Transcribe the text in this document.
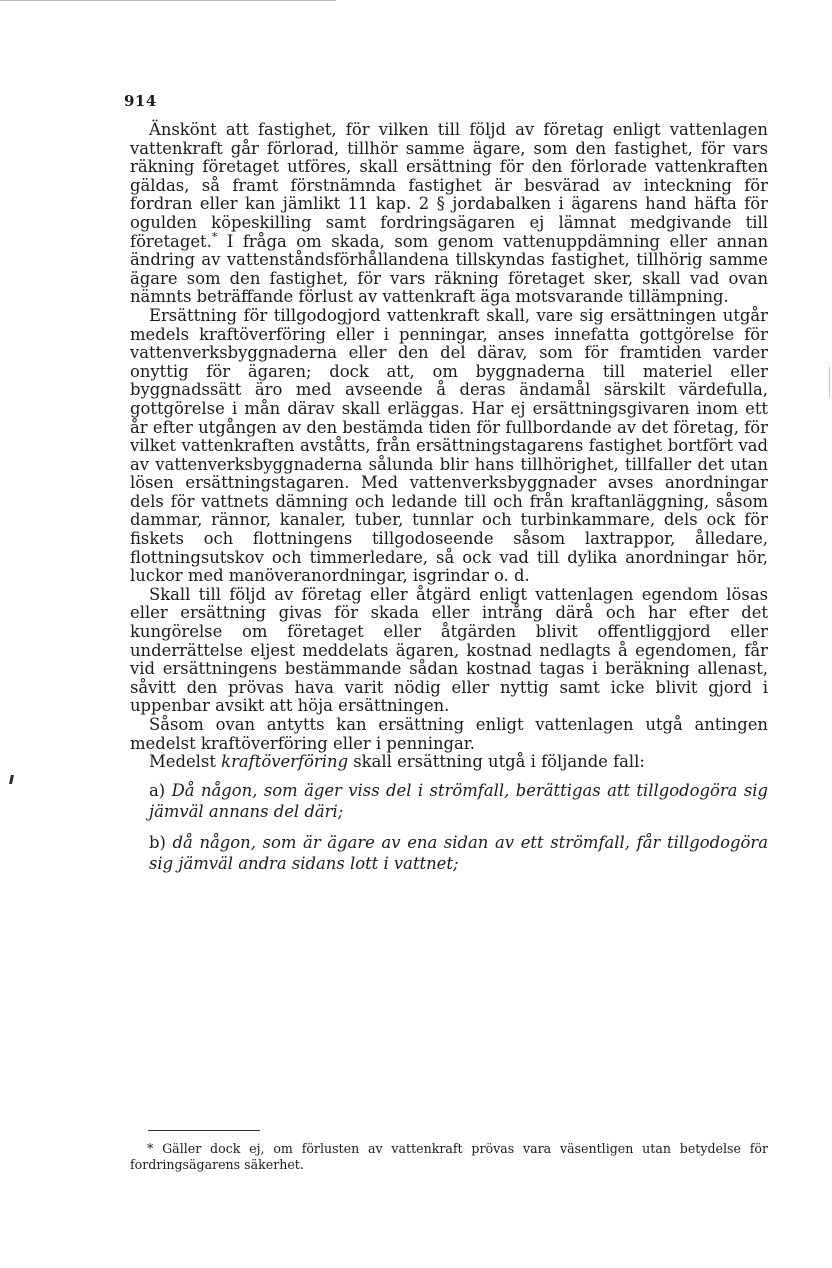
914

Änskönt att fastighet, för vilken till följd av företag enligt vattenlagen vattenkraft går förlorad, tillhör samme ägare, som den fastighet, för vars räkning företaget utföres, skall ersättning för den förlorade vattenkraften gäldas, så framt förstnämnda fastighet är besvärad av inteckning för fordran eller kan jämlikt 11 kap. 2 § jordabalken i ägarens hand häfta för ogulden köpeskilling samt fordringsägaren ej lämnat medgivande till företaget.* I fråga om skada, som genom vattenuppdämning eller annan ändring av vattenståndsförhållandena tillskyndas fastighet, tillhörig samme ägare som den fastighet, för vars räkning företaget sker, skall vad ovan nämnts beträffande förlust av vattenkraft äga motsvarande tillämpning.

Ersättning för tillgodogjord vattenkraft skall, vare sig ersättningen utgår medels kraftöverföring eller i penningar, anses innefatta gottgörelse för vattenverksbyggnaderna eller den del därav, som för framtiden varder onyttig för ägaren; dock att, om byggnaderna till materiel eller byggnadssätt äro med avseende å deras ändamål särskilt värdefulla, gottgörelse i mån därav skall erläggas. Har ej ersättningsgivaren inom ett år efter utgången av den bestämda tiden för fullbordande av det företag, för vilket vattenkraften avståtts, från ersättningstagarens fastighet bortfört vad av vattenverksbyggnaderna sålunda blir hans tillhörighet, tillfaller det utan lösen ersättningstagaren. Med vattenverksbyggnader avses anordningar dels för vattnets dämning och ledande till och från kraftanläggning, såsom dammar, rännor, kanaler, tuber, tunnlar och turbinkammare, dels ock för fiskets och flottningens tillgodoseende såsom laxtrappor, ålledare, flottningsutskov och timmerledare, så ock vad till dylika anordningar hör, luckor med manöveranordningar, isgrindar o. d.

Skall till följd av företag eller åtgärd enligt vattenlagen egendom lösas eller ersättning givas för skada eller intrång därå och har efter det kungörelse om företaget eller åtgärden blivit offentliggjord eller underrättelse eljest meddelats ägaren, kostnad nedlagts å egendomen, får vid ersättningens bestämmande sådan kostnad tagas i beräkning allenast, såvitt den prövas hava varit nödig eller nyttig samt icke blivit gjord i uppenbar avsikt att höja ersättningen.

Såsom ovan antytts kan ersättning enligt vattenlagen utgå antingen medelst kraftöverföring eller i penningar.

Medelst kraftöverföring skall ersättning utgå i följande fall:

a) Då någon, som äger viss del i strömfall, berättigas att tillgodogöra sig jämväl annans del däri;

b) då någon, som är ägare av ena sidan av ett strömfall, får tillgodogöra sig jämväl andra sidans lott i vattnet;

* Gäller dock ej, om förlusten av vattenkraft prövas vara väsentligen utan betydelse för fordringsägarens säkerhet.
